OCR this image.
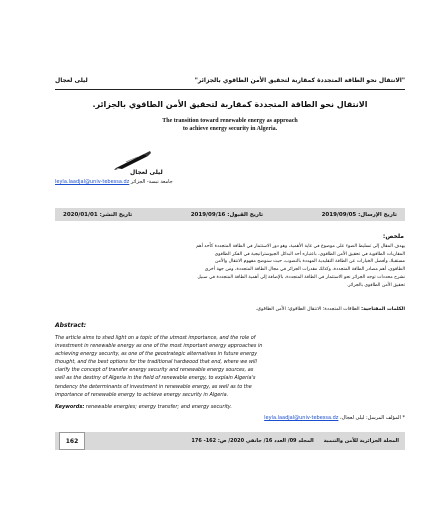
"الانتقال نحو الطاقة المتجددة كمقاربة لتحقيق الأمن الطاقوي بالجزائر"
ليلى لعجال
الانتقال نحو الطاقة المتجددة كمقاربة لتحقيق الأمن الطاقوي بالجزائر.
The transition toward renewable energy as approach
to achieve energy security in Algeria.
ليلى لعجال
leyla.laadjal@univ-tebessa.dz جامعة تبسة- الجزائر
تاريخ الإرسال: 2019/09/05
تاريخ القبول: 2019/09/16
تاريخ النشر: 2020/01/01
ملخص:

يهدف المقال إلى تسليط الضوء على موضوع في غاية الأهمية، وهو دور الاستثمار في الطاقة المتجددة كأحد أهم

المقاربات الطاقوية في تحقيق الأمن الطاقوي، باعتباره أحد البدائل الجيوستراتيجية في الفكر الطاقوي

مستقبلا، وأفضل الخيارات عن الطاقة التقليدية المهددة بالنضوب، حيث سنوضح مفهوم الانتقال والأمن

الطاقوي، أهم مصادر الطاقة المتجددة، وكذلك مقدرات الجزائر في مجال الطاقة المتجددة، ومن جهة أخرى

نشرح محددات توجه الجزائر نحو الاستثمار في الطاقة المتجددة، بالإضافة إلى أهمية الطاقة المتجددة في سبيل

تحقيق الأمن الطاقوي بالجزائر.

الكلمات المفتاحية: الطاقات المتجددة؛ الانتقال الطاقوي؛ الأمن الطاقوي.
Abstract:

The article aims to shed light on a topic of the utmost importance, and the role of

investment in renewable energy as one of the most important energy approaches in

achieving energy security, as one of the geostrategic alternatives in future energy

thought, and the best options for the traditional hardwood that end, where we will

clarify the concept of transfer energy security and renewable energy sources, as

well as the destiny of Algeria in the field of renewable energy, to explain Algeria's

tendency the determinants of investment in renewable energy, as well as to the

importance of renewable energy to achieve energy security in Algeria.

Keywords: renewable energies; energy transfer; and energy security.
* المؤلف المرسل: ليلى لعجال، leyla.laadjal@univ-tebessa.dz
المجلة الجزائرية للأمن والتنمية
المجلد 09/ العدد 16/ جانفي 2020/ ص: 162- 176
162
